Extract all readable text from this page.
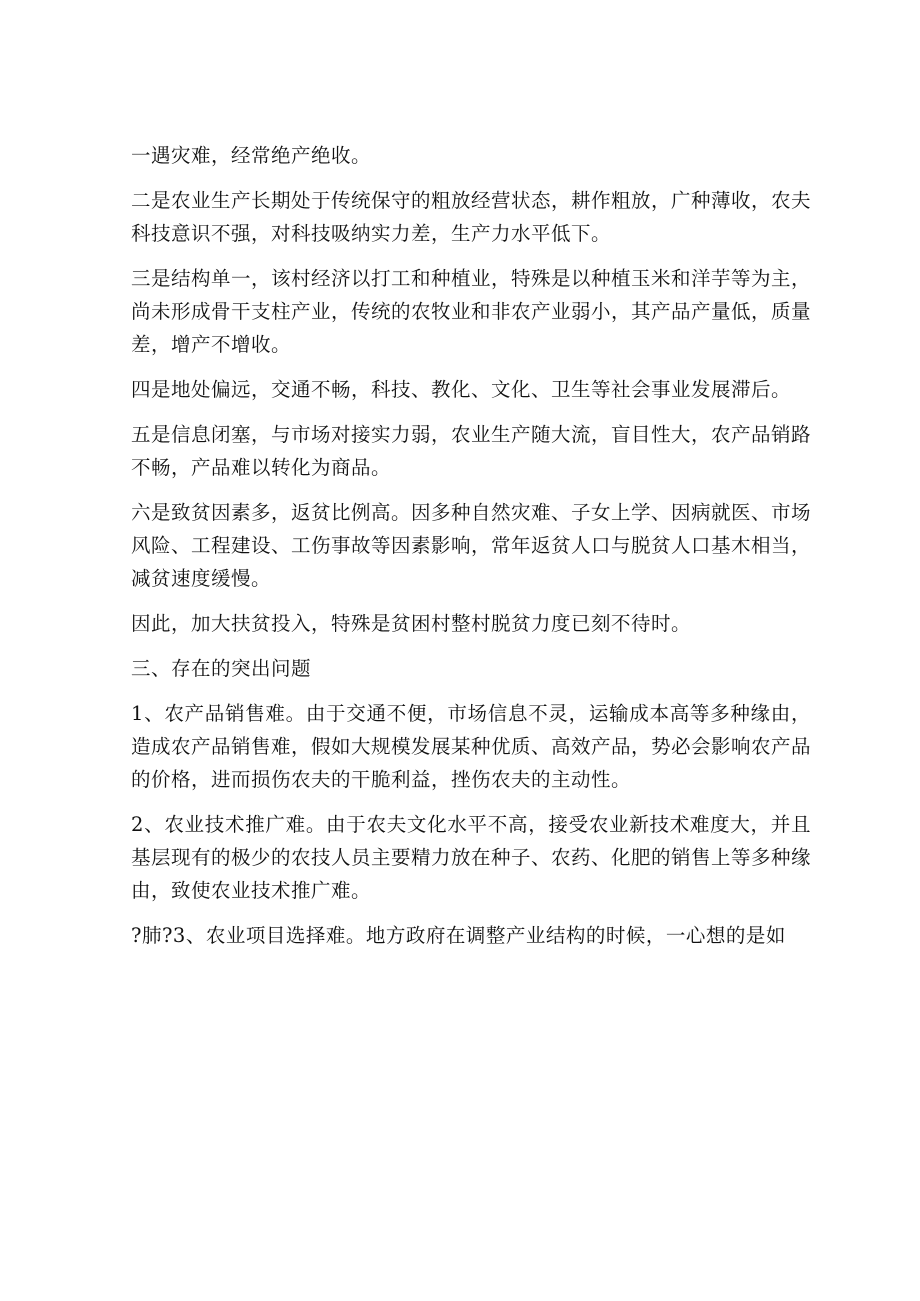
一遇灾难，经常绝产绝收。

二是农业生产长期处于传统保守的粗放经营状态，耕作粗放，广种薄收，农夫科技意识不强，对科技吸纳实力差，生产力水平低下。

三是结构单一，该村经济以打工和种植业，特殊是以种植玉米和洋芋等为主，尚未形成骨干支柱产业，传统的农牧业和非农产业弱小，其产品产量低，质量差，增产不增收。

四是地处偏远，交通不畅，科技、教化、文化、卫生等社会事业发展滞后。

五是信息闭塞，与市场对接实力弱，农业生产随大流，盲目性大，农产品销路不畅，产品难以转化为商品。

六是致贫因素多，返贫比例高。因多种自然灾难、子女上学、因病就医、市场风险、工程建设、工伤事故等因素影响，常年返贫人口与脱贫人口基木相当，减贫速度缓慢。

因此，加大扶贫投入，特殊是贫困村整村脱贫力度已刻不待时。

三、存在的突出问题

1、农产品销售难。由于交通不便，市场信息不灵，运输成本高等多种缘由，造成农产品销售难，假如大规模发展某种优质、高效产品，势必会影响农产品的价格，进而损伤农夫的干脆利益，挫伤农夫的主动性。

2、农业技术推广难。由于农夫文化水平不高，接受农业新技术难度大，并且基层现有的极少的农技人员主要精力放在种子、农药、化肥的销售上等多种缘由，致使农业技术推广难。

?肺?3、农业项目选择难。地方政府在调整产业结构的时候，一心想的是如
